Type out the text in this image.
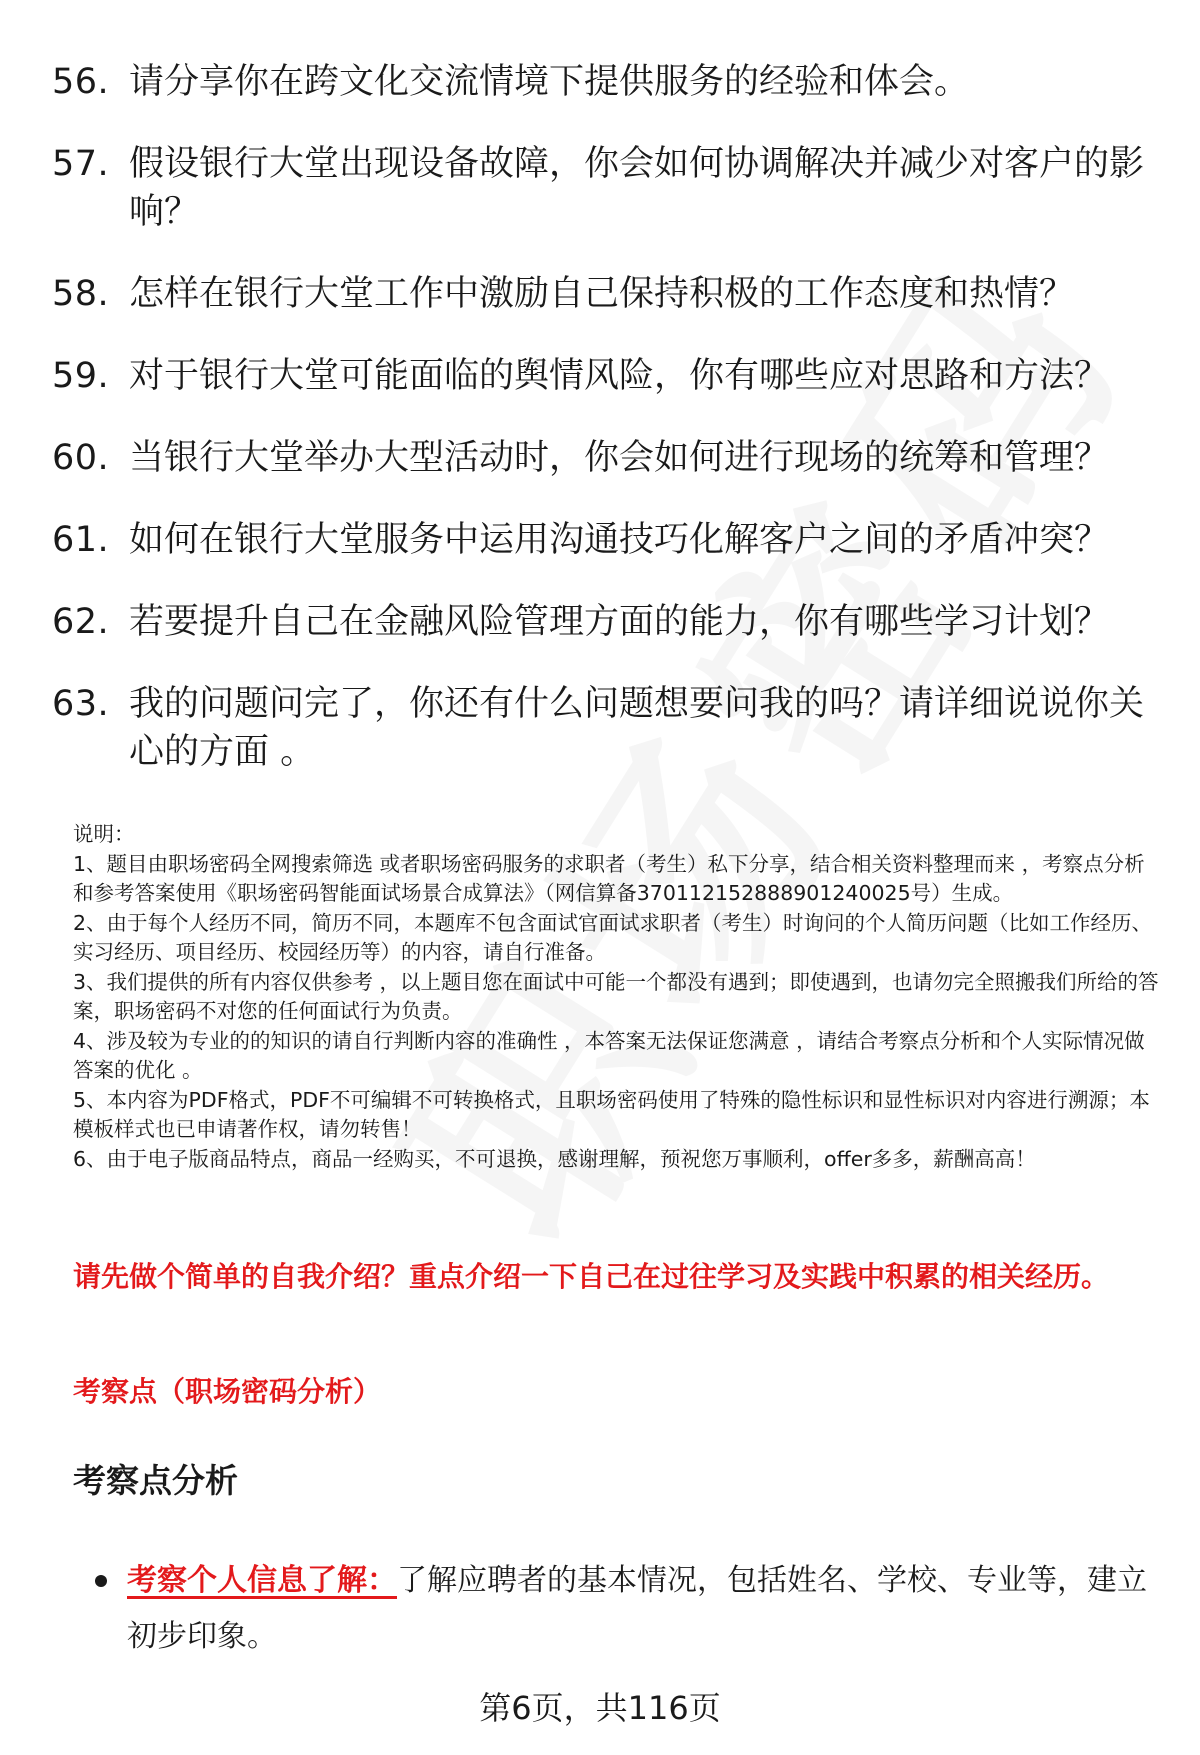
56. 请分享你在跨文化交流情境下提供服务的经验和体会。
57. 假设银行大堂出现设备故障，你会如何协调解决并减少对客户的影响？
58. 怎样在银行大堂工作中激励自己保持积极的工作态度和热情？
59. 对于银行大堂可能面临的舆情风险，你有哪些应对思路和方法？
60. 当银行大堂举办大型活动时，你会如何进行现场的统筹和管理？
61. 如何在银行大堂服务中运用沟通技巧化解客户之间的矛盾冲突？
62. 若要提升自己在金融风险管理方面的能力，你有哪些学习计划？
63. 我的问题问完了，你还有什么问题想要问我的吗？请详细说说你关心的方面 。

说明：

1、题目由职场密码全网搜索筛选 或者职场密码服务的求职者（考生）私下分享，结合相关资料整理而来 ，考察点分析和参考答案使用《职场密码智能面试场景合成算法》（网信算备370112152888901240025号）生成。

2、由于每个人经历不同，简历不同，本题库不包含面试官面试求职者（考生）时询问的个人简历问题（比如工作经历、实习经历、项目经历、校园经历等）的内容，请自行准备。

3、我们提供的所有内容仅供参考 ，以上题目您在面试中可能一个都没有遇到；即使遇到，也请勿完全照搬我们所给的答案，职场密码不对您的任何面试行为负责。

4、涉及较为专业的的知识的请自行判断内容的准确性 ，本答案无法保证您满意 ，请结合考察点分析和个人实际情况做答案的优化 。

5、本内容为PDF格式，PDF不可编辑不可转换格式，且职场密码使用了特殊的隐性标识和显性标识对内容进行溯源；本模板样式也已申请著作权，请勿转售！

6、由于电子版商品特点，商品一经购买，不可退换，感谢理解，预祝您万事顺利，offer多多，薪酬高高！

请先做个简单的自我介绍？重点介绍一下自己在过往学习及实践中积累的相关经历。
考察点（职场密码分析）
考察点分析
考察个人信息了解：了解应聘者的基本情况，包括姓名、学校、专业等，建立初步印象。
第6页，共116页
